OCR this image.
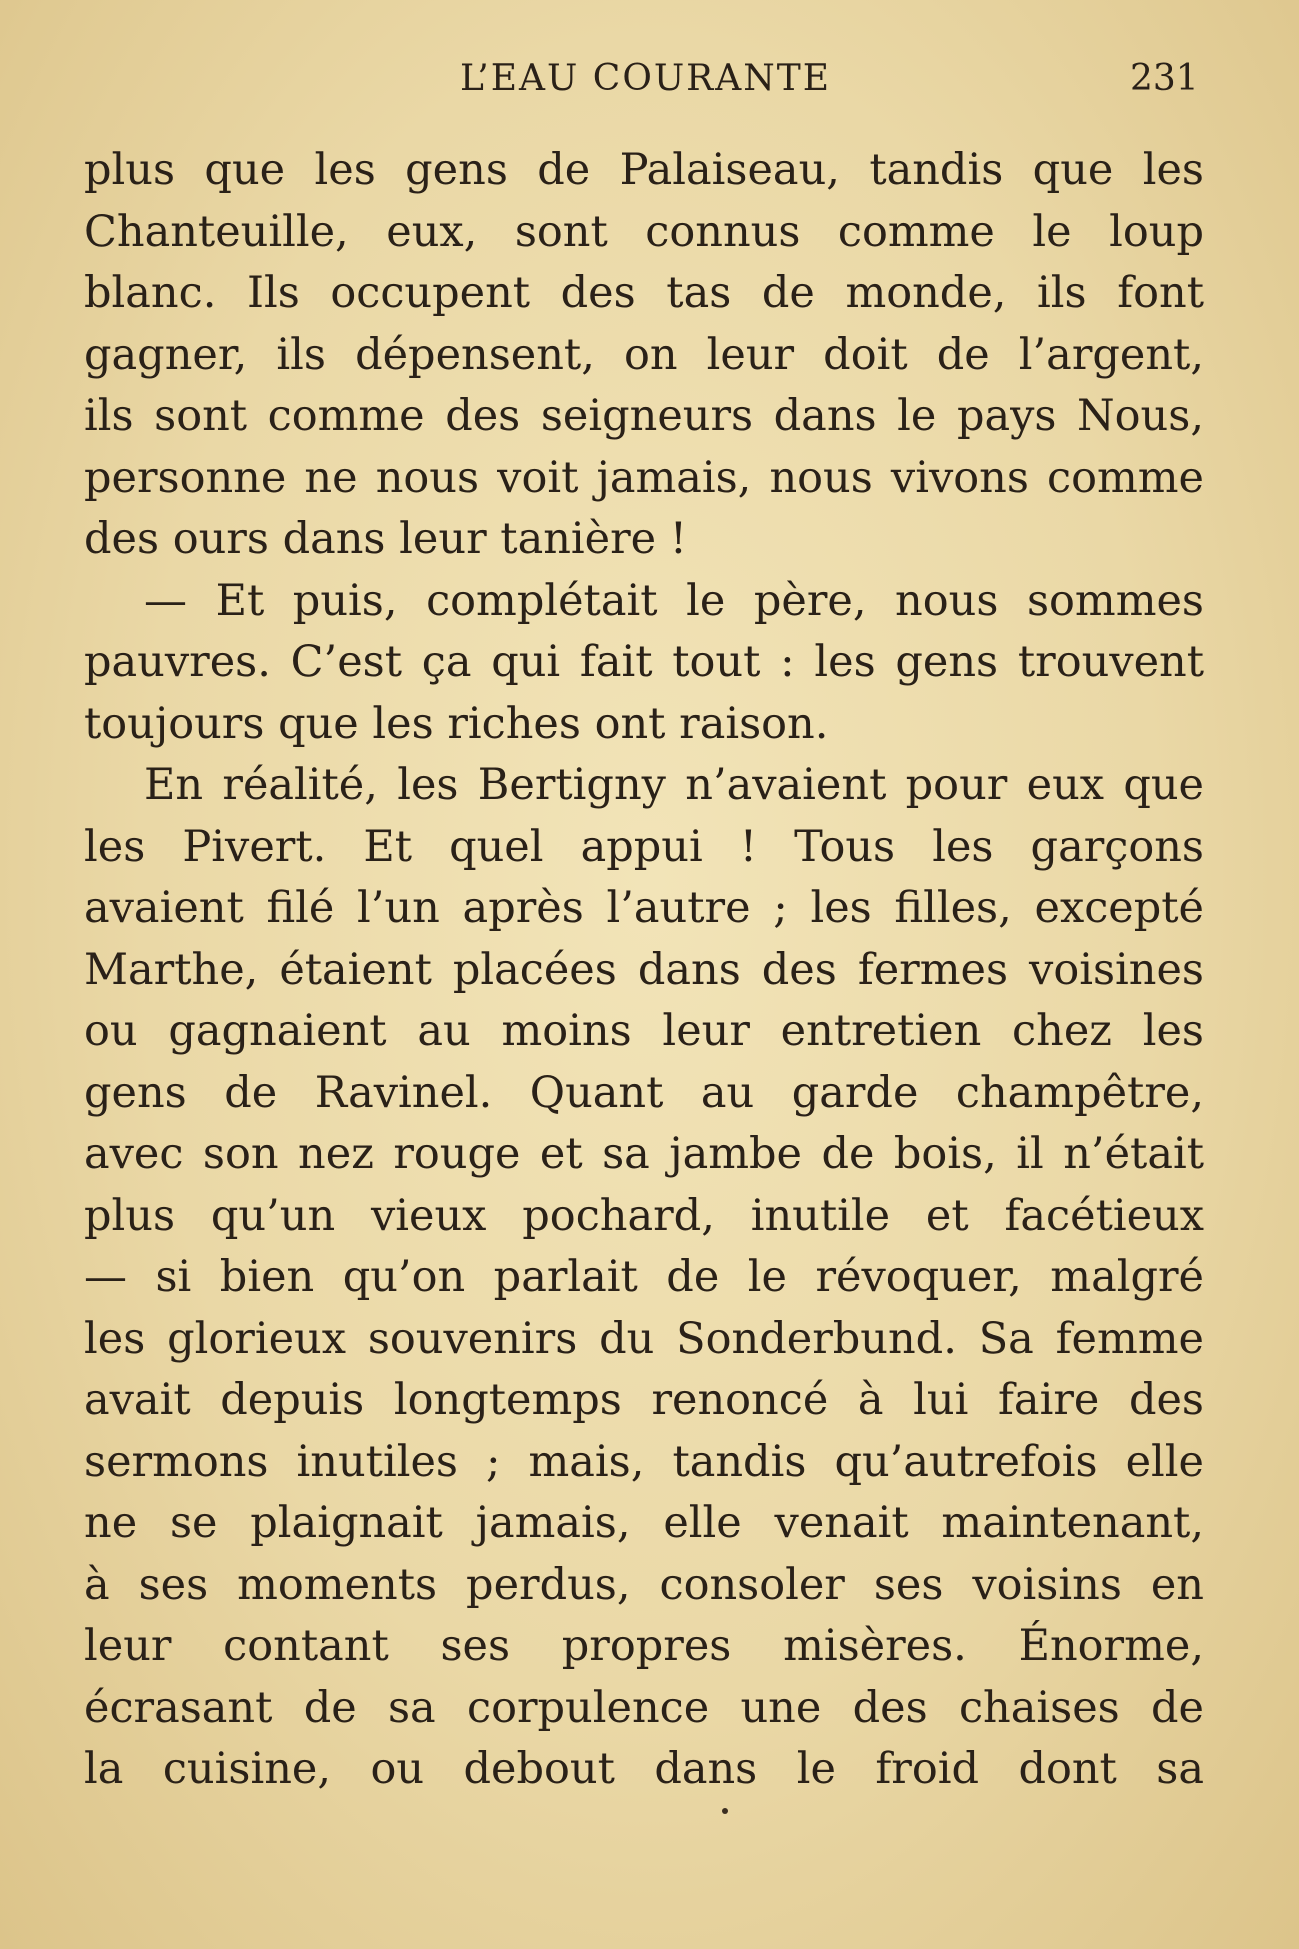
L’EAU COURANTE	231
plus que les gens de Palaiseau, tandis que les
Chanteuille, eux, sont connus comme le loup
blanc. Ils occupent des tas de monde, ils font
gagner, ils dépensent, on leur doit de l’argent,
ils sont comme des seigneurs dans le pays Nous,
personne ne nous voit jamais, nous vivons comme
des ours dans leur tanière !
— Et puis, complétait le père, nous sommes
pauvres. C’est ça qui fait tout : les gens trouvent
toujours que les riches ont raison.
En réalité, les Bertigny n’avaient pour eux que
les Pivert. Et quel appui ! Tous les garçons
avaient filé l’un après l’autre ; les filles, excepté
Marthe, étaient placées dans des fermes voisines
ou gagnaient au moins leur entretien chez les
gens de Ravinel. Quant au garde champêtre,
avec son nez rouge et sa jambe de bois, il n’était
plus qu’un vieux pochard, inutile et facétieux
— si bien qu’on parlait de le révoquer, malgré
les glorieux souvenirs du Sonderbund. Sa femme
avait depuis longtemps renoncé à lui faire des
sermons inutiles ; mais, tandis qu’autrefois elle
ne se plaignait jamais, elle venait maintenant,
à ses moments perdus, consoler ses voisins en
leur contant ses propres misères. Énorme,
écrasant de sa corpulence une des chaises de
la cuisine, ou debout dans le froid dont sa
